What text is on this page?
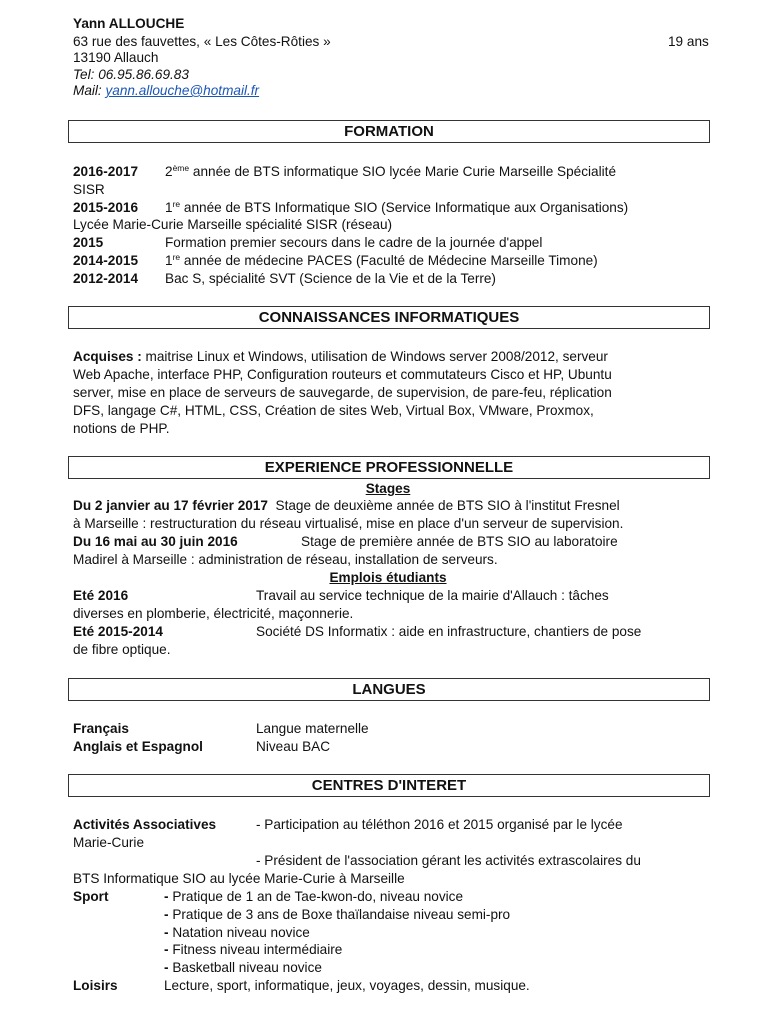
Yann ALLOUCHE
63 rue des fauvettes, « Les Côtes-Rôties »	19 ans
13190 Allauch
Tel: 06.95.86.69.83
Mail: yann.allouche@hotmail.fr
FORMATION
2016-2017 2ème année de BTS informatique SIO lycée Marie Curie Marseille Spécialité
SISR
2015-2016 1re année de BTS Informatique SIO (Service Informatique aux Organisations)
Lycée Marie-Curie Marseille spécialité SISR (réseau)
2015	Formation premier secours dans le cadre de la journée d'appel
2014-2015 1re année de médecine PACES (Faculté de Médecine Marseille Timone)
2012-2014 Bac S, spécialité SVT (Science de la Vie et de la Terre)
CONNAISSANCES INFORMATIQUES
Acquises : maitrise Linux et Windows, utilisation de Windows server 2008/2012, serveur
Web Apache, interface PHP, Configuration routeurs et commutateurs Cisco et HP, Ubuntu
server, mise en place de serveurs de sauvegarde, de supervision, de pare-feu, réplication
DFS, langage C#, HTML, CSS, Création de sites Web, Virtual Box, VMware, Proxmox,
notions de PHP.
EXPERIENCE PROFESSIONNELLE
Stages
Du 2 janvier au 17 février 2017 Stage de deuxième année de BTS SIO à l'institut Fresnel
à Marseille : restructuration du réseau virtualisé, mise en place d'un serveur de supervision.
Du 16 mai au 30 juin 2016	Stage de première année de BTS SIO au laboratoire
Madirel à Marseille : administration de réseau, installation de serveurs.
Emplois étudiants
Eté 2016	Travail au service technique de la mairie d'Allauch : tâches
diverses en plomberie, électricité, maçonnerie.
Eté 2015-2014	Société DS Informatix : aide en infrastructure, chantiers de pose
de fibre optique.
LANGUES
Français	Langue maternelle
Anglais et Espagnol	Niveau BAC
CENTRES D'INTERET
Activités Associatives	- Participation au téléthon 2016 et 2015 organisé par le lycée
Marie-Curie
- Président de l'association gérant les activités extrascolaires du
BTS Informatique SIO au lycée Marie-Curie à Marseille
Sport	- Pratique de 1 an de Tae-kwon-do, niveau novice
- Pratique de 3 ans de Boxe thaïlandaise niveau semi-pro
- Natation niveau novice
- Fitness niveau intermédiaire
- Basketball niveau novice
Loisirs	Lecture, sport, informatique, jeux, voyages, dessin, musique.
